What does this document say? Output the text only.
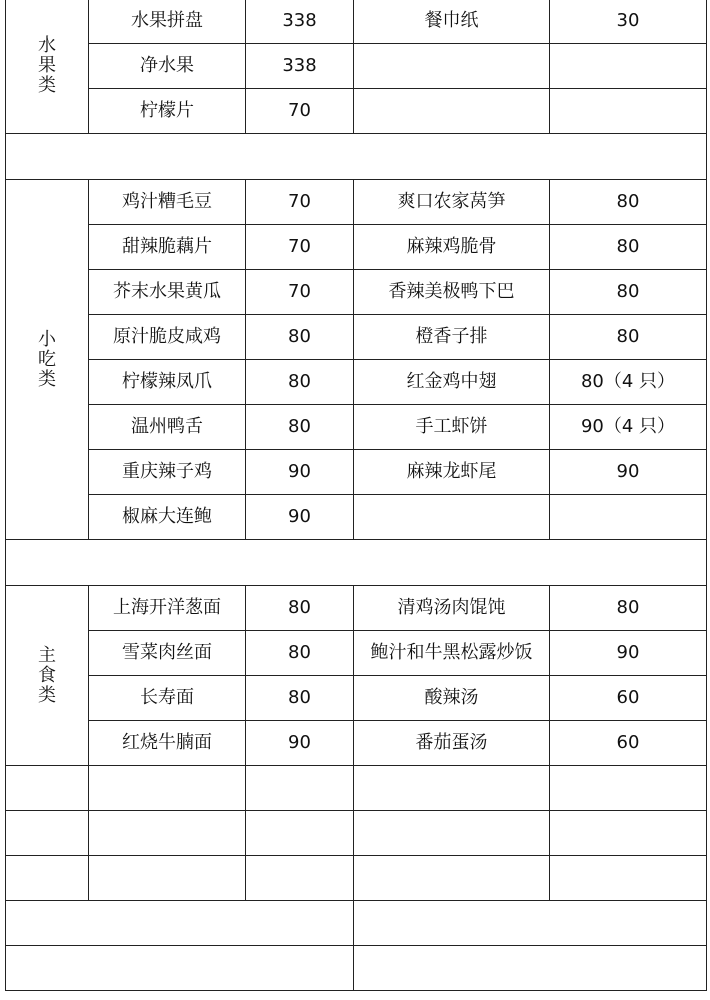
水果类	水果拼盘	338	餐巾纸	30
	净水果	338		
	柠檬片	70		

小吃类	鸡汁糟毛豆	70	爽口农家莴笋	80
	甜辣脆藕片	70	麻辣鸡脆骨	80
	芥末水果黄瓜	70	香辣美极鸭下巴	80
	原汁脆皮咸鸡	80	橙香子排	80
	柠檬辣凤爪	80	红金鸡中翅	80（4 只）
	温州鸭舌	80	手工虾饼	90（4 只）
	重庆辣子鸡	90	麻辣龙虾尾	90
	椒麻大连鲍	90		

主食类	上海开洋葱面	80	清鸡汤肉馄饨	80
	雪菜肉丝面	80	鲍汁和牛黑松露炒饭	90
	长寿面	80	酸辣汤	60
	红烧牛腩面	90	番茄蛋汤	60
